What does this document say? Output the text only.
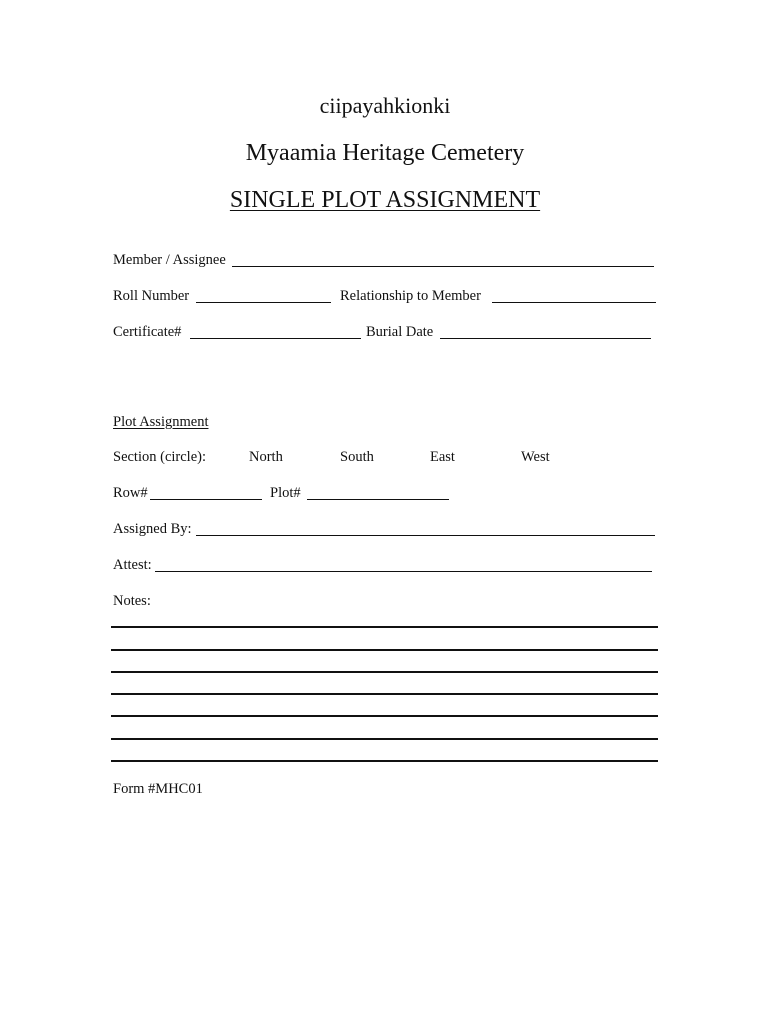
ciipayahkionki
Myaamia Heritage Cemetery
SINGLE PLOT ASSIGNMENT
Member / Assignee
Roll Number	Relationship to Member
Certificate#	Burial Date
Plot Assignment
Section (circle):	North	South	East	West
Row#	Plot#
Assigned By:
Attest:
Notes:
Form #MHC01
